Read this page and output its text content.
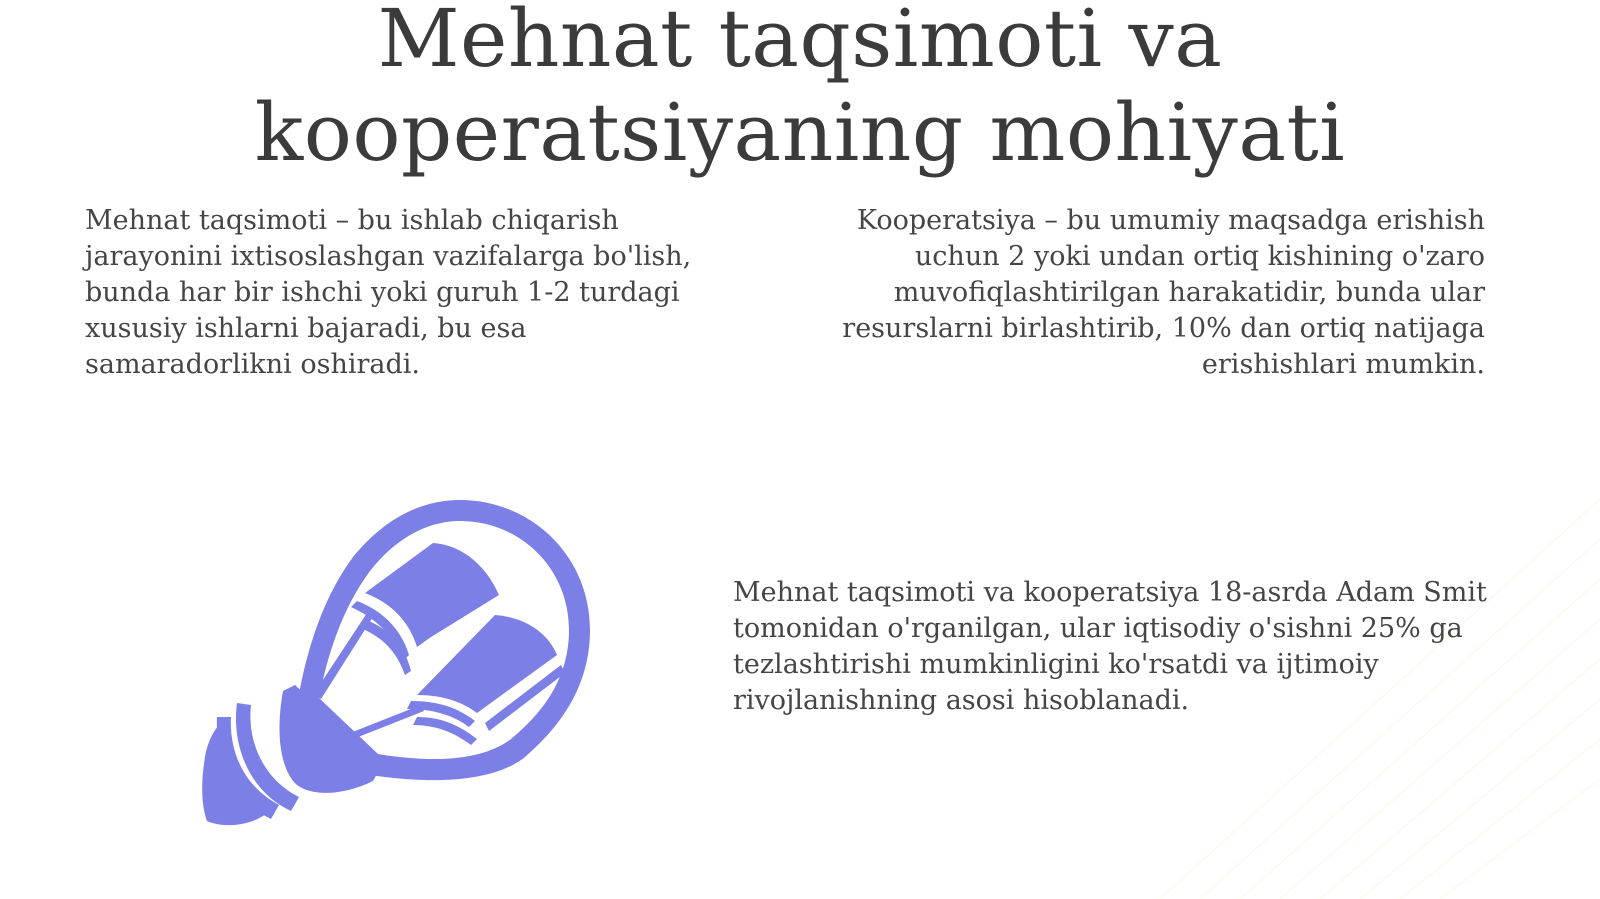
Mehnat taqsimoti va
kooperatsiyaning mohiyati

Mehnat taqsimoti – bu ishlab chiqarish jarayonini ixtisoslashgan vazifalarga bo'lish, bunda har bir ishchi yoki guruh 1-2 turdagi xususiy ishlarni bajaradi, bu esa samaradorlikni oshiradi.

Kooperatsiya – bu umumiy maqsadga erishish uchun 2 yoki undan ortiq kishining o'zaro muvofiqlashtirilgan harakatidir, bunda ular resurslarni birlashtirib, 10% dan ortiq natijaga erishishlari mumkin.

Mehnat taqsimoti va kooperatsiya 18-asrda Adam Smit tomonidan o'rganilgan, ular iqtisodiy o'sishni 25% ga tezlashtirishi mumkinligini ko'rsatdi va ijtimoiy rivojlanishning asosi hisoblanadi.
